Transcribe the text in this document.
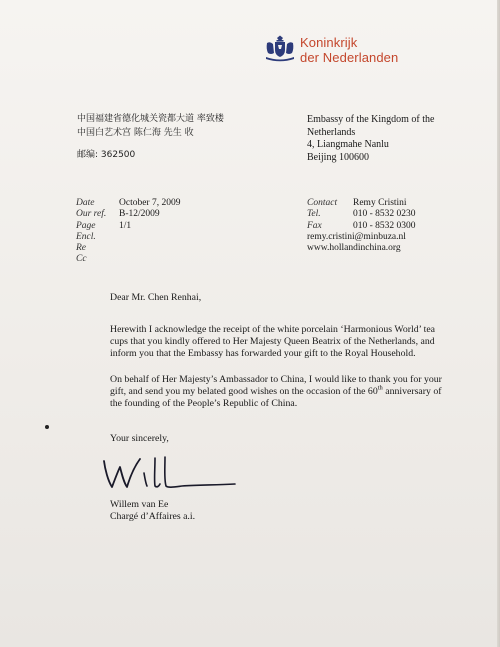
Koninkrijk
der Nederlanden
中国福建省德化城关瓷都大道 率致楼
中国白艺术宫 陈仁海 先生 收
邮编: 362500
Embassy of the Kingdom of the
Netherlands
4, Liangmahe Nanlu
Beijing 100600
Date	October 7, 2009
Our ref.	B-12/2009
Page	1/1
Encl.
Re
Cc
Contact	Remy Cristini
Tel.	010 - 8532 0230
Fax	010 - 8532 0300
remy.cristini@minbuza.nl
www.hollandinchina.org
Dear Mr. Chen Renhai,
Herewith I acknowledge the receipt of the white porcelain ‘Harmonious World’ tea
cups that you kindly offered to Her Majesty Queen Beatrix of the Netherlands, and
inform you that the Embassy has forwarded your gift to the Royal Household.
On behalf of Her Majesty’s Ambassador to China, I would like to thank you for your
gift, and send you my belated good wishes on the occasion of the 60th anniversary of
the founding of the People’s Republic of China.
Your sincerely,
Willem van Ee
Chargé d’Affaires a.i.
